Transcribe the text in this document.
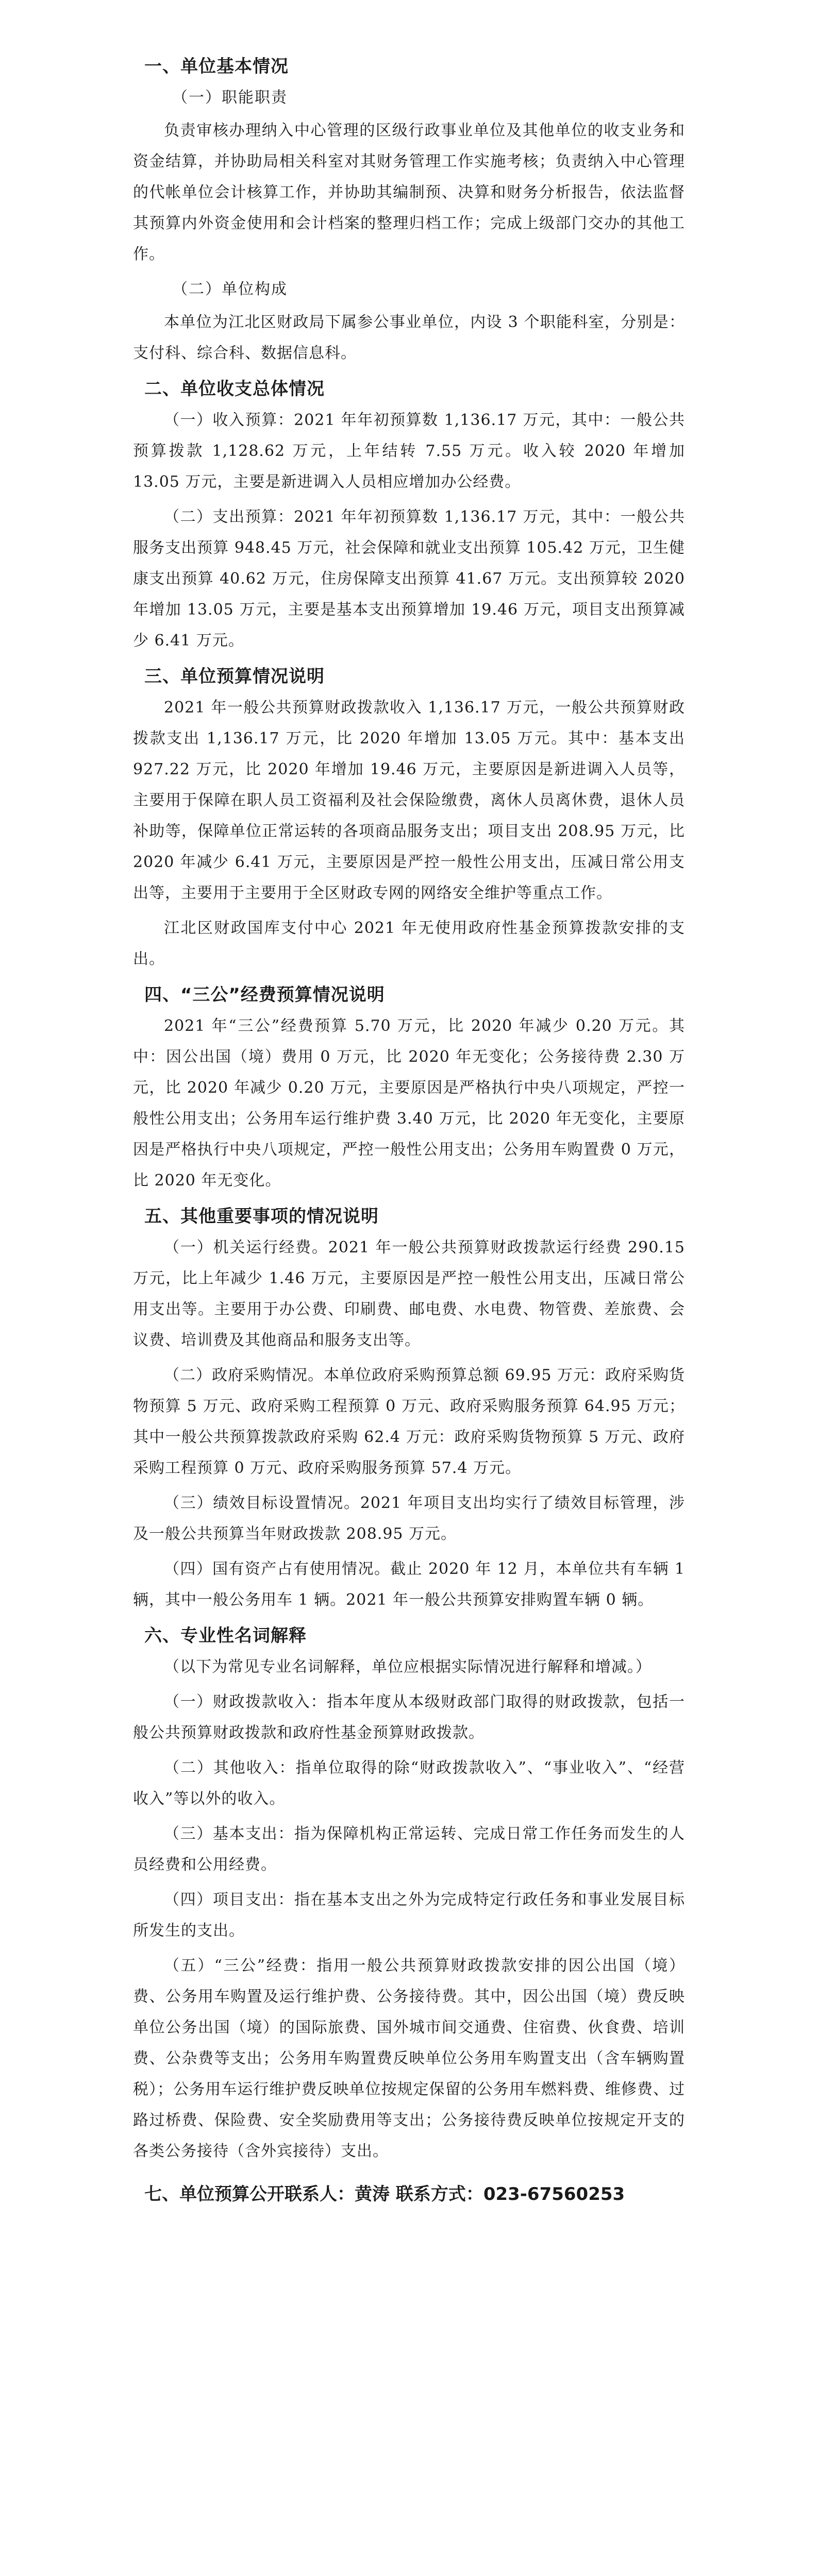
一、单位基本情况
（一）职能职责

负责审核办理纳入中心管理的区级行政事业单位及其他单位的收支业务和资金结算，并协助局相关科室对其财务管理工作实施考核；负责纳入中心管理的代帐单位会计核算工作，并协助其编制预、决算和财务分析报告，依法监督其预算内外资金使用和会计档案的整理归档工作；完成上级部门交办的其他工作。

（二）单位构成

本单位为江北区财政局下属参公事业单位，内设 3 个职能科室，分别是：支付科、综合科、数据信息科。

二、单位收支总体情况

（一）收入预算：2021 年年初预算数 1,136.17 万元，其中：一般公共预算拨款 1,128.62 万元，上年结转 7.55 万元。收入较 2020 年增加 13.05 万元，主要是新进调入人员相应增加办公经费。

（二）支出预算：2021 年年初预算数 1,136.17 万元，其中：一般公共服务支出预算 948.45 万元，社会保障和就业支出预算 105.42 万元，卫生健康支出预算 40.62 万元，住房保障支出预算 41.67 万元。支出预算较 2020 年增加 13.05 万元，主要是基本支出预算增加 19.46 万元，项目支出预算减少 6.41 万元。

三、单位预算情况说明

2021 年一般公共预算财政拨款收入 1,136.17 万元，一般公共预算财政拨款支出 1,136.17 万元，比 2020 年增加 13.05 万元。其中：基本支出 927.22 万元，比 2020 年增加 19.46 万元，主要原因是新进调入人员等，主要用于保障在职人员工资福利及社会保险缴费，离休人员离休费，退休人员补助等，保障单位正常运转的各项商品服务支出；项目支出 208.95 万元，比 2020 年减少 6.41 万元，主要原因是严控一般性公用支出，压减日常公用支出等，主要用于主要用于全区财政专网的网络安全维护等重点工作。

江北区财政国库支付中心 2021 年无使用政府性基金预算拨款安排的支出。

四、“三公”经费预算情况说明

2021 年“三公”经费预算 5.70 万元，比 2020 年减少 0.20 万元。其中：因公出国（境）费用 0 万元，比 2020 年无变化；公务接待费 2.30 万元，比 2020 年减少 0.20 万元，主要原因是严格执行中央八项规定，严控一般性公用支出；公务用车运行维护费 3.40 万元，比 2020 年无变化，主要原因是严格执行中央八项规定，严控一般性公用支出；公务用车购置费 0 万元，比 2020 年无变化。

五、其他重要事项的情况说明

（一）机关运行经费。2021 年一般公共预算财政拨款运行经费 290.15 万元，比上年减少 1.46 万元，主要原因是严控一般性公用支出，压减日常公用支出等。主要用于办公费、印刷费、邮电费、水电费、物管费、差旅费、会议费、培训费及其他商品和服务支出等。

（二）政府采购情况。本单位政府采购预算总额 69.95 万元：政府采购货物预算 5 万元、政府采购工程预算 0 万元、政府采购服务预算 64.95 万元；其中一般公共预算拨款政府采购 62.4 万元：政府采购货物预算 5 万元、政府采购工程预算 0 万元、政府采购服务预算 57.4 万元。

（三）绩效目标设置情况。2021 年项目支出均实行了绩效目标管理，涉及一般公共预算当年财政拨款 208.95 万元。

（四）国有资产占有使用情况。截止 2020 年 12 月，本单位共有车辆 1 辆，其中一般公务用车 1 辆。2021 年一般公共预算安排购置车辆 0 辆。

六、专业性名词解释

（以下为常见专业名词解释，单位应根据实际情况进行解释和增减。）

（一）财政拨款收入：指本年度从本级财政部门取得的财政拨款，包括一般公共预算财政拨款和政府性基金预算财政拨款。

（二）其他收入：指单位取得的除“财政拨款收入”、“事业收入”、“经营收入”等以外的收入。

（三）基本支出：指为保障机构正常运转、完成日常工作任务而发生的人员经费和公用经费。

（四）项目支出：指在基本支出之外为完成特定行政任务和事业发展目标所发生的支出。

（五）“三公”经费：指用一般公共预算财政拨款安排的因公出国（境）费、公务用车购置及运行维护费、公务接待费。其中，因公出国（境）费反映单位公务出国（境）的国际旅费、国外城市间交通费、住宿费、伙食费、培训费、公杂费等支出；公务用车购置费反映单位公务用车购置支出（含车辆购置税）；公务用车运行维护费反映单位按规定保留的公务用车燃料费、维修费、过路过桥费、保险费、安全奖励费用等支出；公务接待费反映单位按规定开支的各类公务接待（含外宾接待）支出。

七、单位预算公开联系人：黄涛 联系方式：023-67560253
